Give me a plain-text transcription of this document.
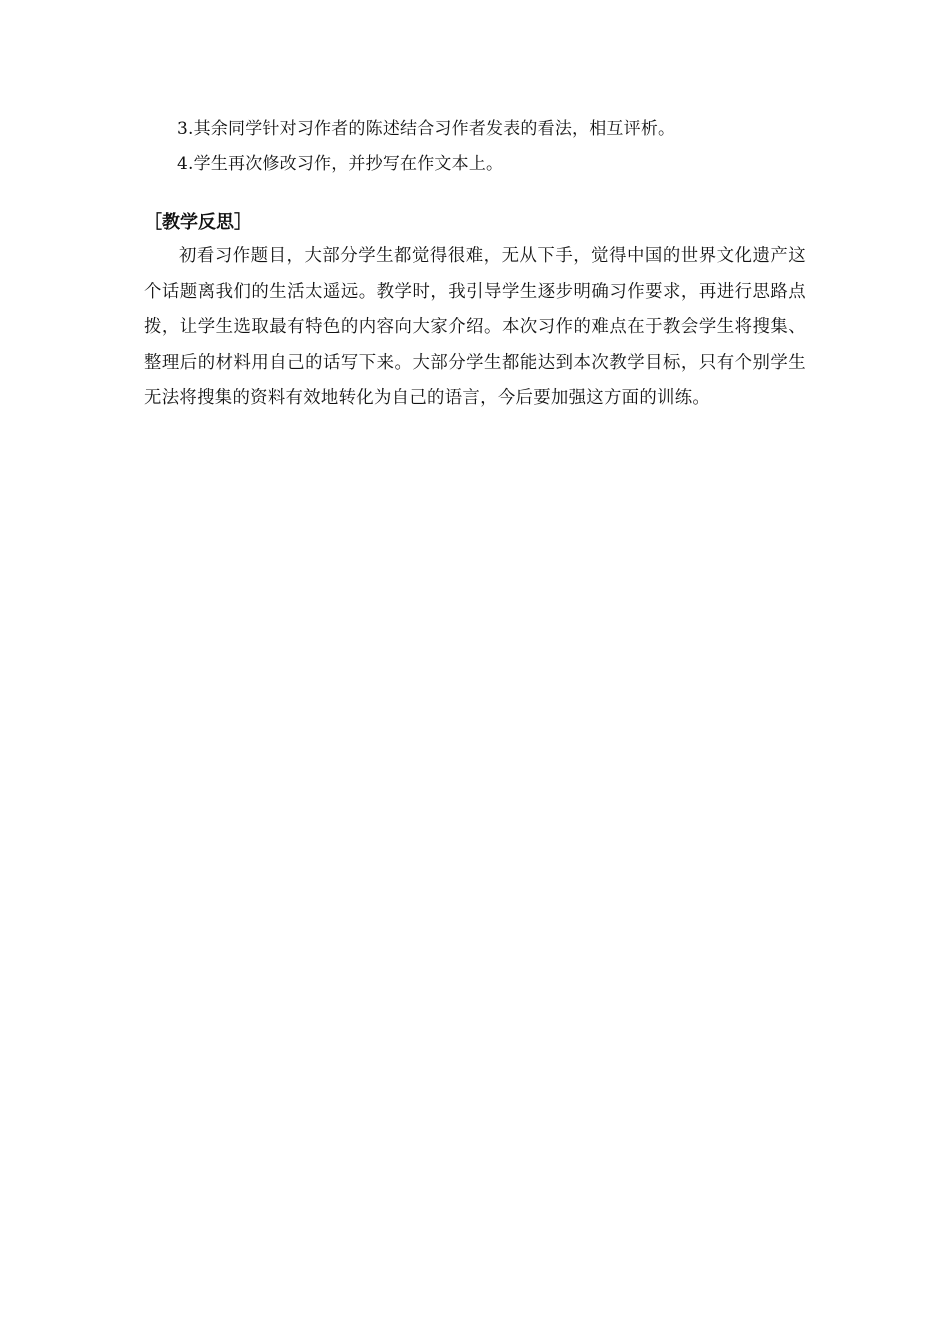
3.其余同学针对习作者的陈述结合习作者发表的看法，相互评析。
4.学生再次修改习作，并抄写在作文本上。
［教学反思］

初看习作题目，大部分学生都觉得很难，无从下手，觉得中国的世界文化遗产这个话题离我们的生活太遥远。教学时，我引导学生逐步明确习作要求，再进行思路点拨，让学生选取最有特色的内容向大家介绍。本次习作的难点在于教会学生将搜集、整理后的材料用自己的话写下来。大部分学生都能达到本次教学目标，只有个别学生无法将搜集的资料有效地转化为自己的语言，今后要加强这方面的训练。
